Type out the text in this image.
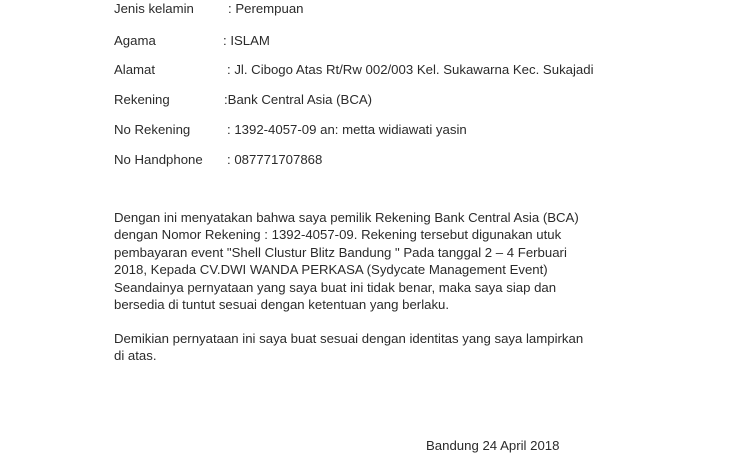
Jenis kelamin	: Perempuan
Agama	: ISLAM
Alamat	: Jl. Cibogo Atas Rt/Rw 002/003 Kel. Sukawarna Kec. Sukajadi
Rekening	:Bank Central Asia (BCA)
No Rekening	: 1392-4057-09 an: metta widiawati yasin
No Handphone : 087771707868
Dengan ini menyatakan bahwa saya pemilik Rekening Bank Central Asia (BCA)
dengan Nomor Rekening : 1392-4057-09. Rekening tersebut digunakan utuk
pembayaran event "Shell Clustur Blitz Bandung " Pada tanggal 2 – 4 Ferbuari
2018, Kepada CV.DWI WANDA PERKASA (Sydycate Management Event)
Seandainya pernyataan yang saya buat ini tidak benar, maka saya siap dan
bersedia di tuntut sesuai dengan ketentuan yang berlaku.
Demikian pernyataan ini saya buat sesuai dengan identitas yang saya lampirkan
di atas.
Bandung 24 April 2018
